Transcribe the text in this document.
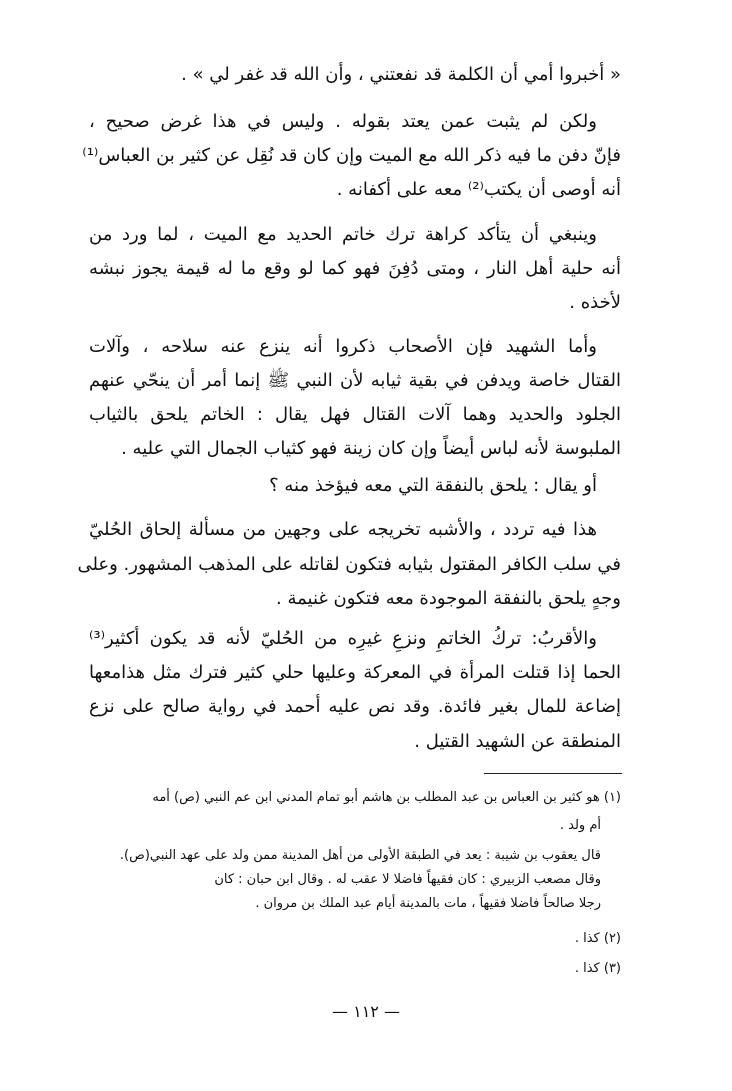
« أخبروا أمي أن الكلمة قد نفعتني ، وأن الله قد غفر لي » .
ولكن لم يثبت عمن يعتد بقوله . وليس في هذا غرض صحيح ،
فإنّ دفن ما فيه ذكر الله مع الميت وإن كان قد نُقِل عن كثير بن العباس⁽¹⁾
أنه أوصى أن يكتب⁽²⁾ معه على أكفانه .
وينبغي أن يتأكد كراهة ترك خاتم الحديد مع الميت ، لما ورد من
أنه حلية أهل النار ، ومتى دُفِنَ فهو كما لو وقع ما له قيمة يجوز نبشه
لأخذه .
وأما الشهيد فإن الأصحاب ذكروا أنه ينزع عنه سلاحه ، وآلات
القتال خاصة ويدفن في بقية ثيابه لأن النبي ﷺ إنما أمر أن ينحّي عنهم
الجلود والحديد وهما آلات القتال فهل يقال : الخاتم يلحق بالثياب
الملبوسة لأنه لباس أيضاً وإن كان زينة فهو كثياب الجمال التي عليه .
أو يقال : يلحق بالنفقة التي معه فيؤخذ منه ؟
هذا فيه تردد ، والأشبه تخريجه على وجهين من مسألة إلحاق الحُليّ
في سلب الكافر المقتول بثيابه فتكون لقاتله على المذهب المشهور. وعلى
وجهٍ يلحق بالنفقة الموجودة معه فتكون غنيمة .
والأقربُ: تركُ الخاتمِ ونزعِ غيرِه من الحُليّ لأنه قد يكون أكثير⁽³⁾
الحما إذا قتلت المرأة في المعركة وعليها حلي كثير فترك مثل هذامعها
إضاعة للمال بغير فائدة. وقد نص عليه أحمد في رواية صالح على نزع
المنطقة عن الشهيد القتيل .
(١) هو كثير بن العباس بن عبد المطلب بن هاشم أبو تمام المدني ابن عم النبي (ص) أمه
أم ولد .
قال يعقوب بن شيبة : يعد في الطبقة الأولى من أهل المدينة ممن ولد على عهد النبي(ص).
وقال مصعب الزبيري : كان فقيهاً فاضلا لا عقب له . وقال ابن حبان : كان
رجلا صالحاً فاضلا فقيهاً ، مات بالمدينة أيام عبد الملك بن مروان .
(٢) كذا .
(٣) كذا .
— ١١٢ —
